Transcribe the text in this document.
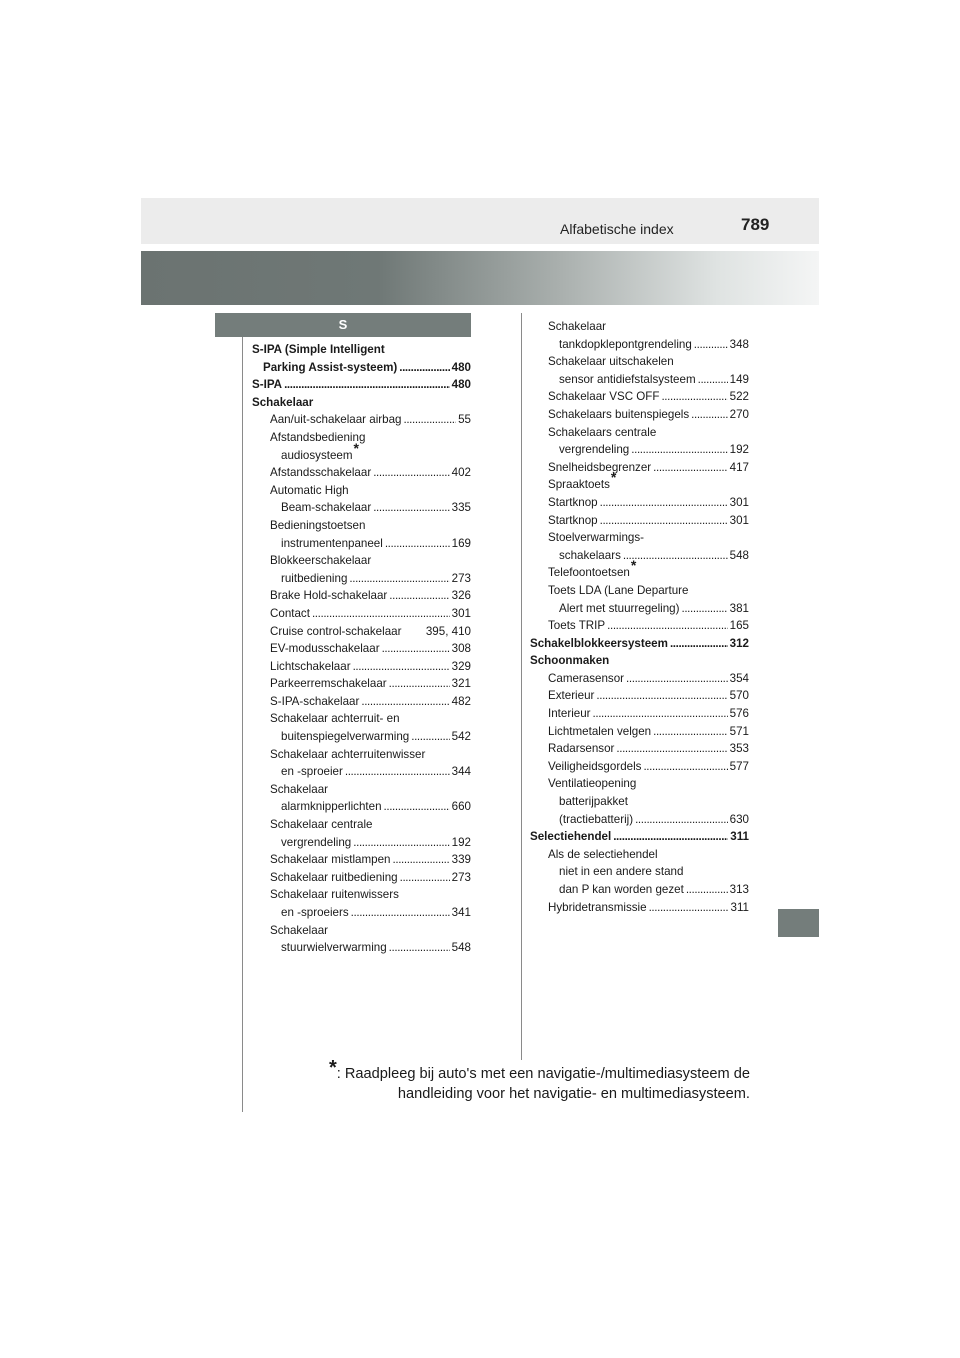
Alfabetische index	789
S
S-IPA (Simple Intelligent
Parking Assist-systeem) . . .	480
S-IPA . . .	480
Schakelaar
Aan/uit-schakelaar airbag . . .	55
Afstandsbediening
audiosysteem*
Afstandsschakelaar . . .	402
Automatic High
Beam-schakelaar . . .	335
Bedieningstoetsen
instrumentenpaneel . . .	169
Blokkeerschakelaar
ruitbediening . . .	273
Brake Hold-schakelaar . . .	326
Contact . . .	301
Cruise control-schakelaar 395, 410
EV-modusschakelaar . . .	308
Lichtschakelaar . . .	329
Parkeerremschakelaar . . .	321
S-IPA-schakelaar . . .	482
Schakelaar achterruit- en
buitenspiegelverwarming . . .	542
Schakelaar achterruitenwisser
en -sproeier . . .	344
Schakelaar
alarmknipperlichten . . .	660
Schakelaar centrale
vergrendeling . . .	192
Schakelaar mistlampen . . .	339
Schakelaar ruitbediening . . .	273
Schakelaar ruitenwissers
en -sproeiers . . .	341
Schakelaar
stuurwielverwarming . . .	548
Schakelaar
tankdopklepontgrendeling . . .	348
Schakelaar uitschakelen
sensor antidiefstalsysteem . . .	149
Schakelaar VSC OFF . . .	522
Schakelaars buitenspiegels . . .	270
Schakelaars centrale
vergrendeling . . .	192
Snelheidsbegrenzer . . .	417
Spraaktoets*
Startknop . . .	301
Startknop . . .	301
Stoelverwarmings-
schakelaars . . .	548
Telefoontoetsen*
Toets LDA (Lane Departure
Alert met stuurregeling) . . .	381
Toets TRIP . . .	165
Schakelblokkeersysteem . . .	312
Schoonmaken
Camerasensor . . .	354
Exterieur . . .	570
Interieur . . .	576
Lichtmetalen velgen . . .	571
Radarsensor . . .	353
Veiligheidsgordels . . .	577
Ventilatieopening
batterijpakket
(tractiebatterij) . . .	630
Selectiehendel . . .	311
Als de selectiehendel
niet in een andere stand
dan P kan worden gezet . . .	313
Hybridetransmissie . . .	311
*: Raadpleeg bij auto's met een navigatie-/multimediasysteem de
handleiding voor het navigatie- en multimediasysteem.
